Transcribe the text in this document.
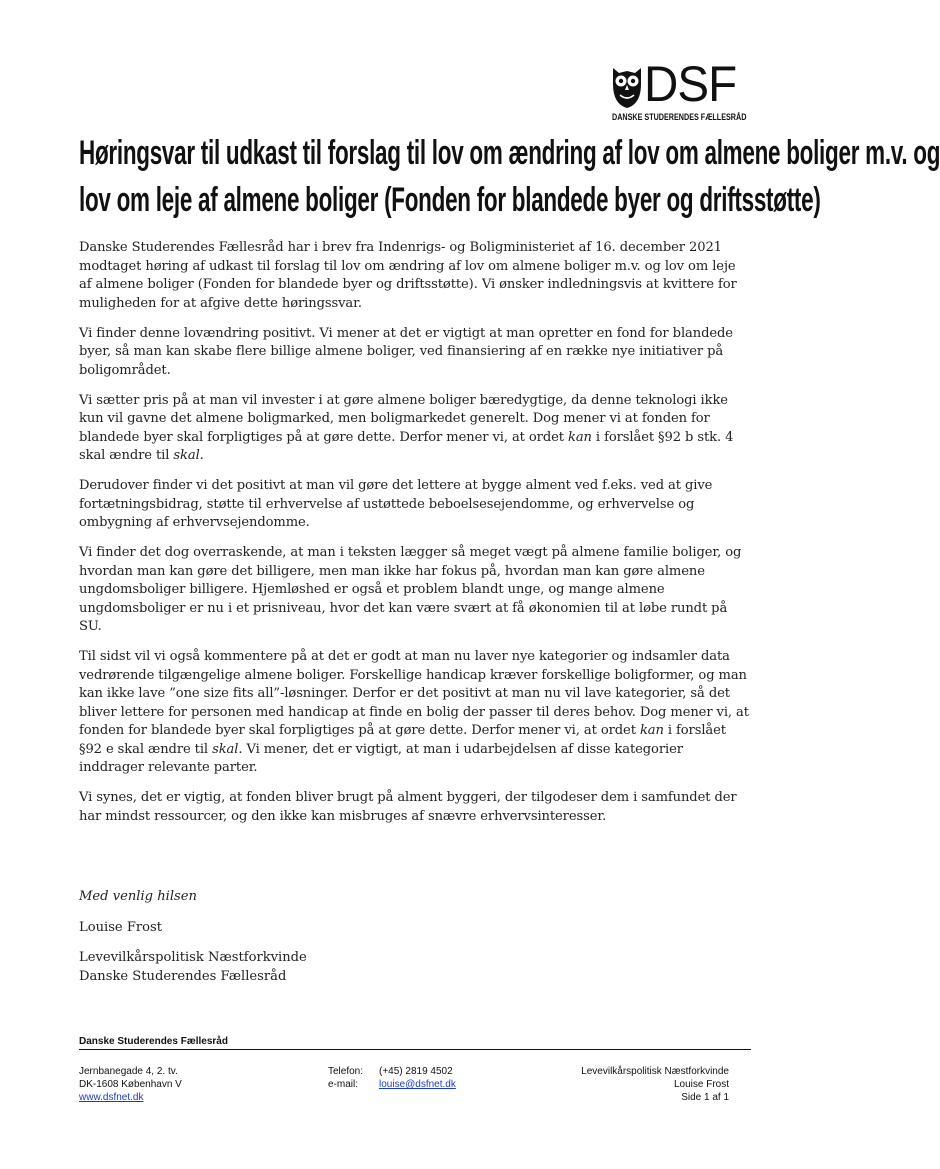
DSF
DANSKE STUDERENDES FÆLLESRÅD
Høringsvar til udkast til forslag til lov om ændring af lov om almene boliger m.v. og
lov om leje af almene boliger (Fonden for blandede byer og driftsstøtte)

Danske Studerendes Fællesråd har i brev fra Indenrigs- og Boligministeriet af 16. december 2021 modtaget høring af udkast til forslag til lov om ændring af lov om almene boliger m.v. og lov om leje af almene boliger (Fonden for blandede byer og driftsstøtte). Vi ønsker indledningsvis at kvittere for muligheden for at afgive dette høringssvar.

Vi finder denne lovændring positivt. Vi mener at det er vigtigt at man opretter en fond for blandede byer, så man kan skabe flere billige almene boliger, ved finansiering af en række nye initiativer på boligområdet.

Vi sætter pris på at man vil invester i at gøre almene boliger bæredygtige, da denne teknologi ikke kun vil gavne det almene boligmarked, men boligmarkedet generelt. Dog mener vi at fonden for blandede byer skal forpligtiges på at gøre dette. Derfor mener vi, at ordet kan i forslået §92 b stk. 4 skal ændre til skal.

Derudover finder vi det positivt at man vil gøre det lettere at bygge alment ved f.eks. ved at give fortætningsbidrag, støtte til erhvervelse af ustøttede beboelsesejendomme, og erhvervelse og ombygning af erhvervsejendomme.

Vi finder det dog overraskende, at man i teksten lægger så meget vægt på almene familie boliger, og hvordan man kan gøre det billigere, men man ikke har fokus på, hvordan man kan gøre almene ungdomsboliger billigere. Hjemløshed er også et problem blandt unge, og mange almene ungdomsboliger er nu i et prisniveau, hvor det kan være svært at få økonomien til at løbe rundt på SU.

Til sidst vil vi også kommentere på at det er godt at man nu laver nye kategorier og indsamler data vedrørende tilgængelige almene boliger. Forskellige handicap kræver forskellige boligformer, og man kan ikke lave ”one size fits all”-løsninger. Derfor er det positivt at man nu vil lave kategorier, så det bliver lettere for personen med handicap at finde en bolig der passer til deres behov. Dog mener vi, at fonden for blandede byer skal forpligtiges på at gøre dette. Derfor mener vi, at ordet kan i forslået §92 e skal ændre til skal. Vi mener, det er vigtigt, at man i udarbejdelsen af disse kategorier inddrager relevante parter.

Vi synes, det er vigtig, at fonden bliver brugt på alment byggeri, der tilgodeser dem i samfundet der har mindst ressourcer, og den ikke kan misbruges af snævre erhvervsinteresser.

Med venlig hilsen
Louise Frost
Levevilkårspolitisk Næstforkvinde
Danske Studerendes Fællesråd
Danske Studerendes Fællesråd
Jernbanegade 4, 2. tv.
DK-1608 København V
www.dsfnet.dk
Telefon: (+45) 2819 4502
e-mail: louise@dsfnet.dk
Levevilkårspolitisk Næstforkvinde
Louise Frost
Side 1 af 1
